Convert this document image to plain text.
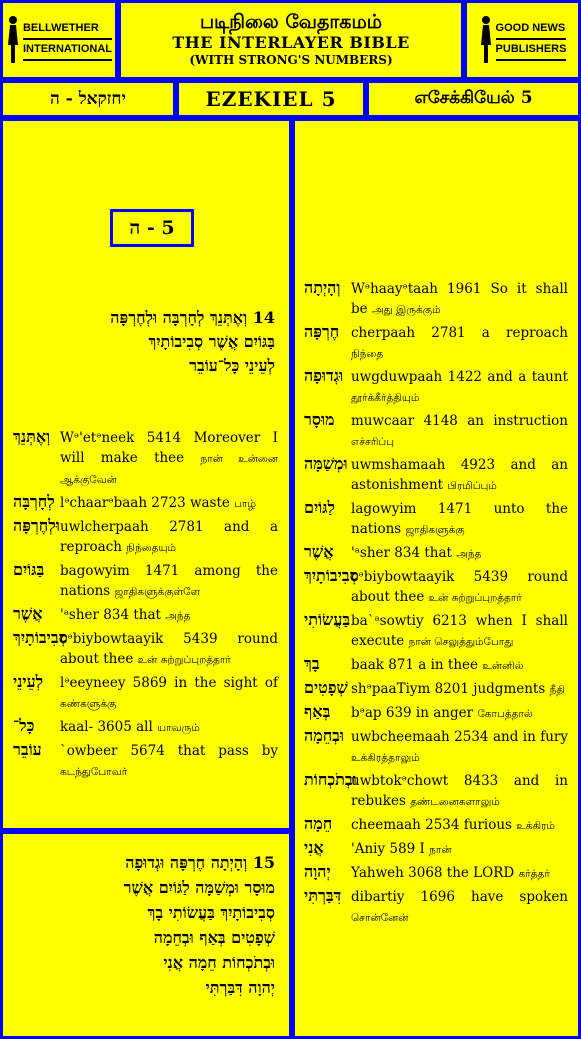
BELLWETHER
INTERNATIONAL
படிநிலை வேதாகமம்
THE INTERLAYER BIBLE
(WITH STRONG'S NUMBERS)
GOOD NEWS
PUBLISHERS
יחזקאל - ה	EZEKIEL 5	எசேக்கியேல் 5
5 - ה
14 וְאֶתְּנֵךְ לְחָרְבָּה וּלְחֶרְפָּה
בַּגּוֹיִם אֲשֶׁר סְבִיבוֹתָיִךְ
לְעֵינֵי כָּל־עוֹבֵר
וְאֶתְּנֵךְ Wᵊ'etᵊneek 5414 Moreover I will make thee நான் உன்னை ஆக்குவேன்
לְחָרְבָּה lᵊchaarᵊbaah 2723 waste பாழ்
וּלְחֶרְפָּה uwlcherpaah 2781 and a reproach நிந்தையும்
בַּגּוֹיִם bagowyim 1471 among the nations ஜாதிகளுக்குள்ளே
אֲשֶׁר 'ᵃsher 834 that அந்த
סְבִיבוֹתָיִךְ
cᵊbiybowtaayik 5439 round about thee உன் சுற்றுப்புறத்தார்
לְעֵינֵי lᵊeeyneey 5869 in the sight of கண்களுக்கு
כָּל־ kaal- 3605 all யாவரும்
עוֹבֵר `owbeer 5674 that pass by கடந்துபோவர்
15 וְהָיְתָה חֶרְפָּה וּגְדוּפָה
מוּסָר וּמְשַׁמָּה לַגּוֹיִם אֲשֶׁר
סְבִיבוֹתָיִךְ בַּעֲשׂוֹתִי בָךְ
שְׁפָטִים בְּאַף וּבְחֵמָה
וּבְתֹכְחוֹת חֵמָה אֲנִי
יְהוָה דִּבַּרְתִּי
וְהָיְתָה Wᵊhaayᵊtaah 1961 So it shall be அது இருக்கும்
חֶרְפָּה cherpaah 2781 a reproach நிந்தை
וּגְדוּפָה uwgduwpaah 1422 and a taunt தூர்க்கீர்த்தியும்
מוּסָר muwcaar 4148 an instruction எச்சரிப்பு
וּמְשַׁמָּה uwmshamaah 4923 and an astonishment பிரமிப்பும்
לַגּוֹיִם lagowyim 1471 unto the nations ஜாதிகளுக்கு
אֲשֶׁר 'ᵃsher 834 that அந்த
סְבִיבוֹתָיִךְ
cᵊbiybowtaayik 5439 round about thee உன் சுற்றுப்புறத்தார்
בַּעֲשׂוֹתִי ba`ᵃsowtiy 6213 when I shall execute நான் செலுத்தும்போது
בָךְ baak 871 a in thee உன்னில்
שְׁפָטִים shᵊpaaTiym 8201 judgments நீதி
בְּאַף bᵊap 639 in anger கோபத்தால்
וּבְחֵמָה uwbcheemaah 2534 and in fury உக்கிரத்தாலும்
וּבְתֹכְחוֹת
uwbtokᵊchowt 8433 and in rebukes தண்டனைகளாலும்
חֵמָה cheemaah 2534 furious உக்கிரம்
אֲנִי 'Aniy 589 I நான்
יְהוָה Yahweh 3068 the LORD கர்த்தர்
דִּבַּרְתִּי dibartiy 1696 have spoken சொன்னேன்
